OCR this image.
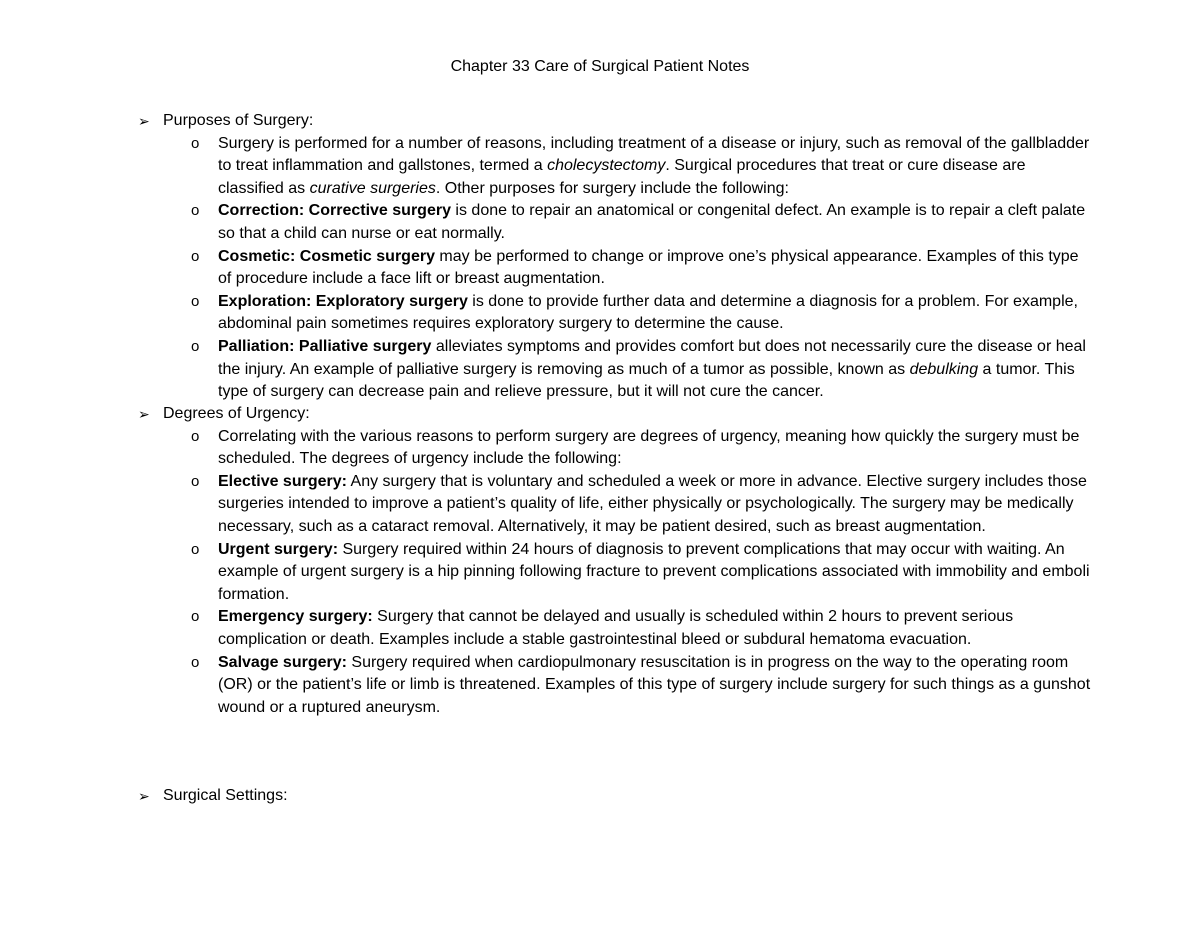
Chapter 33 Care of Surgical Patient Notes
➢ Purposes of Surgery:
o	Surgery is performed for a number of reasons, including treatment of a disease or injury, such as removal of the gallbladder to treat inflammation and gallstones, termed a cholecystectomy. Surgical procedures that treat or cure disease are classified as curative surgeries. Other purposes for surgery include the following:
o	Correction: Corrective surgery is done to repair an anatomical or congenital defect. An example is to repair a cleft palate so that a child can nurse or eat normally.
o	Cosmetic: Cosmetic surgery may be performed to change or improve one’s physical appearance. Examples of this type of procedure include a face lift or breast augmentation.
o	Exploration: Exploratory surgery is done to provide further data and determine a diagnosis for a problem. For example, abdominal pain sometimes requires exploratory surgery to determine the cause.
o	Palliation: Palliative surgery alleviates symptoms and provides comfort but does not necessarily cure the disease or heal the injury. An example of palliative surgery is removing as much of a tumor as possible, known as debulking a tumor. This type of surgery can decrease pain and relieve pressure, but it will not cure the cancer.
➢ Degrees of Urgency:
o	Correlating with the various reasons to perform surgery are degrees of urgency, meaning how quickly the surgery must be scheduled. The degrees of urgency include the following:
o	Elective surgery: Any surgery that is voluntary and scheduled a week or more in advance. Elective surgery includes those surgeries intended to improve a patient’s quality of life, either physically or psychologically. The surgery may be medically necessary, such as a cataract removal. Alternatively, it may be patient desired, such as breast augmentation.
o	Urgent surgery: Surgery required within 24 hours of diagnosis to prevent complications that may occur with waiting. An example of urgent surgery is a hip pinning following fracture to prevent complications associated with immobility and emboli formation.
o	Emergency surgery: Surgery that cannot be delayed and usually is scheduled within 2 hours to prevent serious complication or death. Examples include a stable gastrointestinal bleed or subdural hematoma evacuation.
o	Salvage surgery: Surgery required when cardiopulmonary resuscitation is in progress on the way to the operating room (OR) or the patient’s life or limb is threatened. Examples of this type of surgery include surgery for such things as a gunshot wound or a ruptured aneurysm.
➢ Surgical Settings:
